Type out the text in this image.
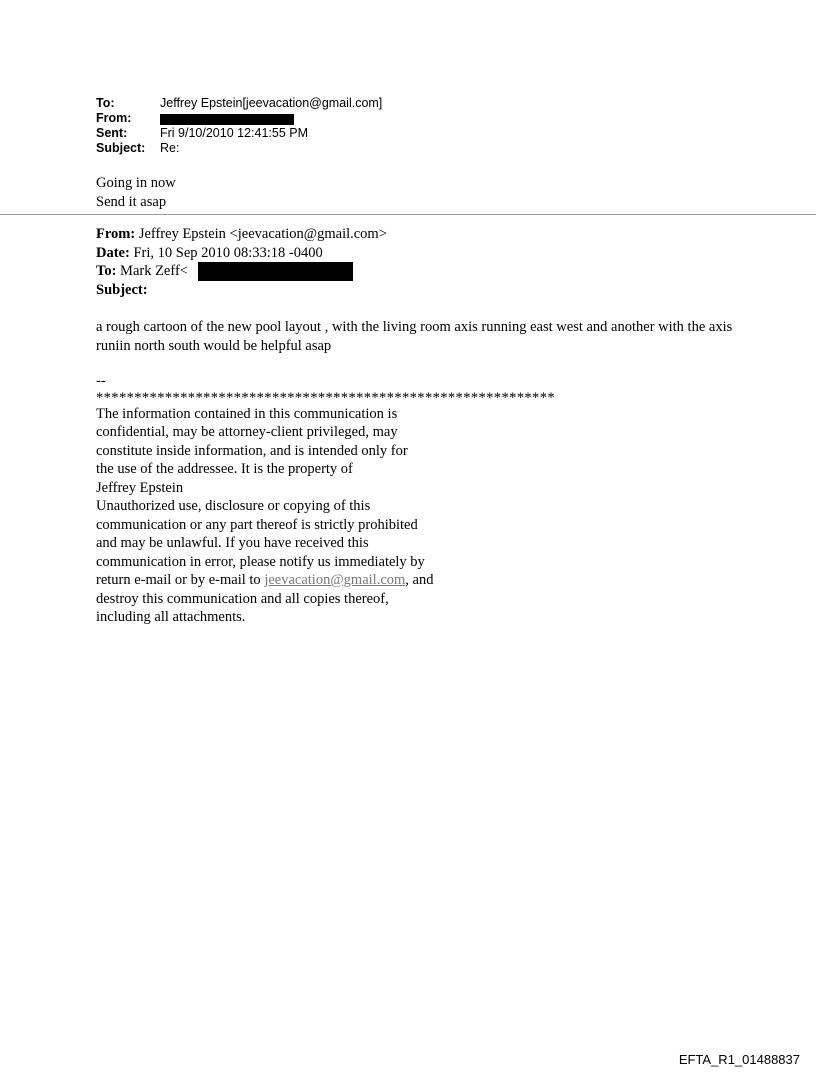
To:	Jeffrey Epstein[jeevacation@gmail.com]
From:
Sent:	Fri 9/10/2010 12:41:55 PM
Subject:	Re:
Going in now
Send it asap
From: Jeffrey Epstein <jeevacation@gmail.com>
Date: Fri, 10 Sep 2010 08:33:18 -0400
To: Mark Zeff<
Subject:
a rough cartoon of the new pool layout , with the living room axis running east west and another with the axis runiin north south would be helpful asap

--

************************************************************

The information contained in this communication is

confidential, may be attorney-client privileged, may

constitute inside information, and is intended only for

the use of the addressee. It is the property of

Jeffrey Epstein

Unauthorized use, disclosure or copying of this

communication or any part thereof is strictly prohibited

and may be unlawful. If you have received this

communication in error, please notify us immediately by

return e-mail or by e-mail to jeevacation@gmail.com, and

destroy this communication and all copies thereof,

including all attachments.

EFTA_R1_01488837
